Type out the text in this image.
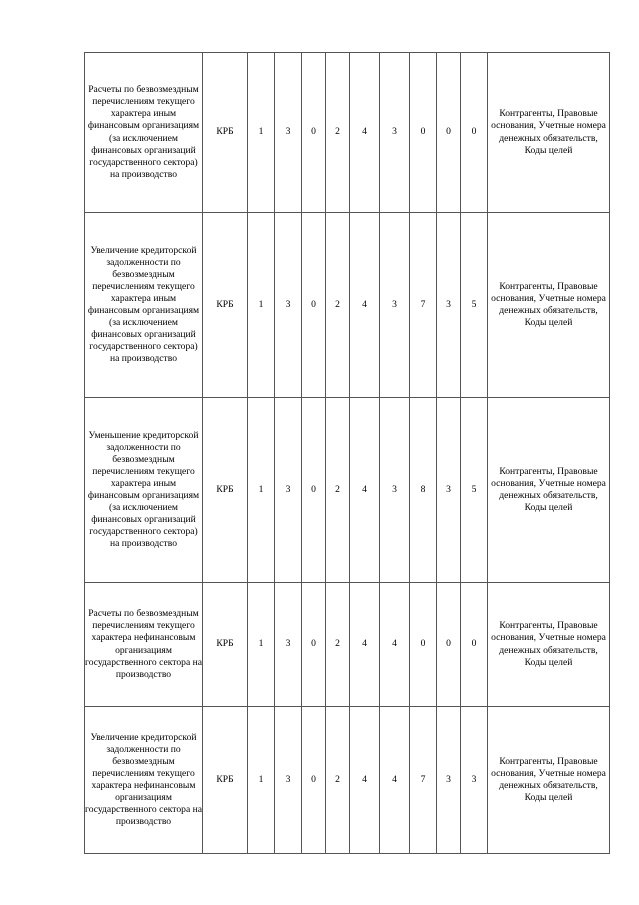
Расчеты по безвозмездным перечислениям текущего характера иным финансовым организациям (за исключением финансовых организаций государственного сектора) на производство	КРБ	1	3	0	2	4	3	0	0	0	Контрагенты, Правовые основания, Учетные номера денежных обязательств, Коды целей
Увеличение кредиторской задолженности по безвозмездным перечислениям текущего характера иным финансовым организациям (за исключением финансовых организаций государственного сектора) на производство	КРБ	1	3	0	2	4	3	7	3	5	Контрагенты, Правовые основания, Учетные номера денежных обязательств, Коды целей
Уменьшение кредиторской задолженности по безвозмездным перечислениям текущего характера иным финансовым организациям (за исключением финансовых организаций государственного сектора) на производство	КРБ	1	3	0	2	4	3	8	3	5	Контрагенты, Правовые основания, Учетные номера денежных обязательств, Коды целей
Расчеты по безвозмездным перечислениям текущего характера нефинансовым организациям государственного сектора на производство	КРБ	1	3	0	2	4	4	0	0	0	Контрагенты, Правовые основания, Учетные номера денежных обязательств, Коды целей
Увеличение кредиторской задолженности по безвозмездным перечислениям текущего характера нефинансовым организациям государственного сектора на производство	КРБ	1	3	0	2	4	4	7	3	3	Контрагенты, Правовые основания, Учетные номера денежных обязательств, Коды целей
